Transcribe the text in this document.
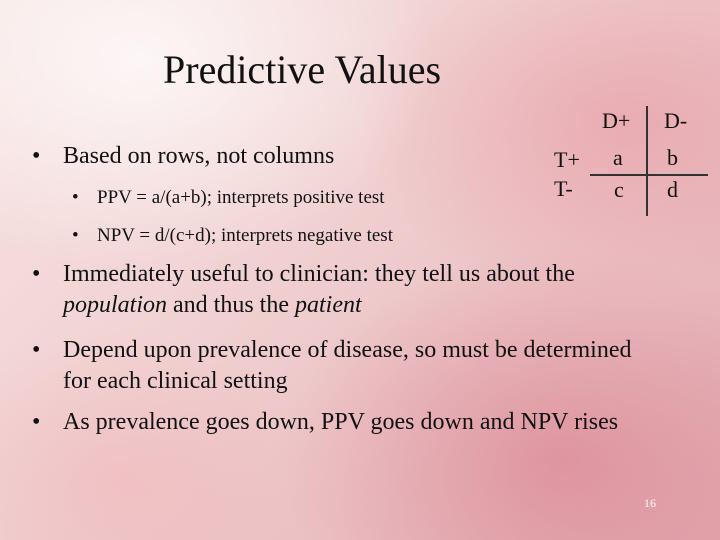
Predictive Values
• Based on rows, not columns
• PPV = a/(a+b); interprets positive test
• NPV = d/(c+d); interprets negative test
• Immediately useful to clinician: they tell us about the population and thus the patient
• Depend upon prevalence of disease, so must be determined for each clinical setting
• As prevalence goes down, PPV goes down and NPV rises
D+ D-
T+
T-
a b
c d
16
